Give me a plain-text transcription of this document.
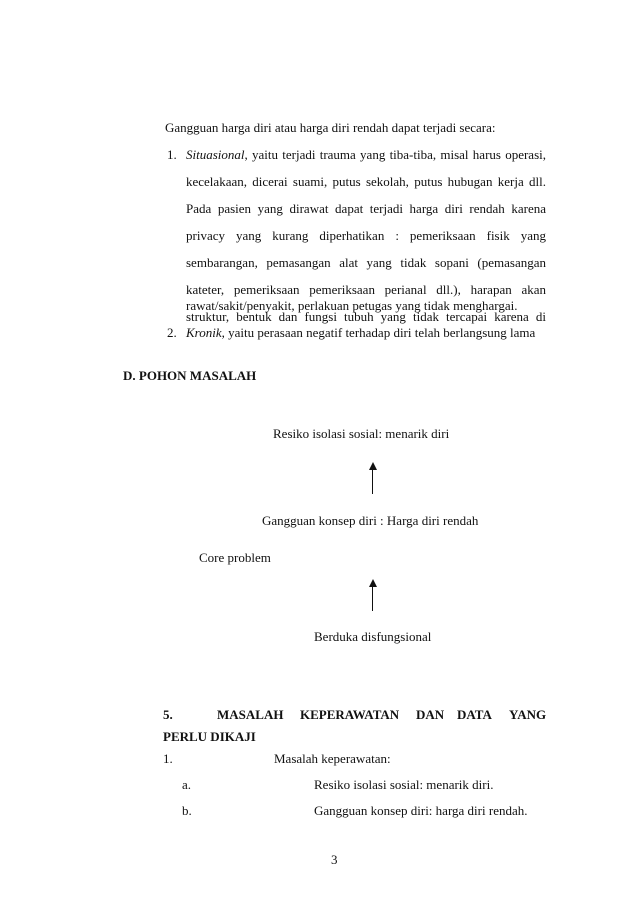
Gangguan harga diri atau harga diri rendah dapat terjadi secara:
1. Situasional, yaitu terjadi trauma yang tiba-tiba, misal harus operasi,
kecelakaan, dicerai suami, putus sekolah, putus hubugan kerja dll.
Pada pasien yang dirawat dapat terjadi harga diri rendah karena
privacy yang kurang diperhatikan : pemeriksaan fisik yang
sembarangan, pemasangan alat yang tidak sopani (pemasangan
kateter, pemeriksaan pemeriksaan perianal dll.), harapan akan
struktur, bentuk dan fungsi tubuh yang tidak tercapai karena di
rawat/sakit/penyakit, perlakuan petugas yang tidak menghargai.
2. Kronik, yaitu perasaan negatif terhadap diri telah berlangsung lama
D. POHON MASALAH
Resiko isolasi sosial: menarik diri
Gangguan konsep diri : Harga diri rendah
Core problem
Berduka disfungsional
5.	MASALAH KEPERAWATAN DAN DATA YANG
PERLU DIKAJI
1.	Masalah keperawatan:
a.	Resiko isolasi sosial: menarik diri.
b.	Gangguan konsep diri: harga diri rendah.
3
